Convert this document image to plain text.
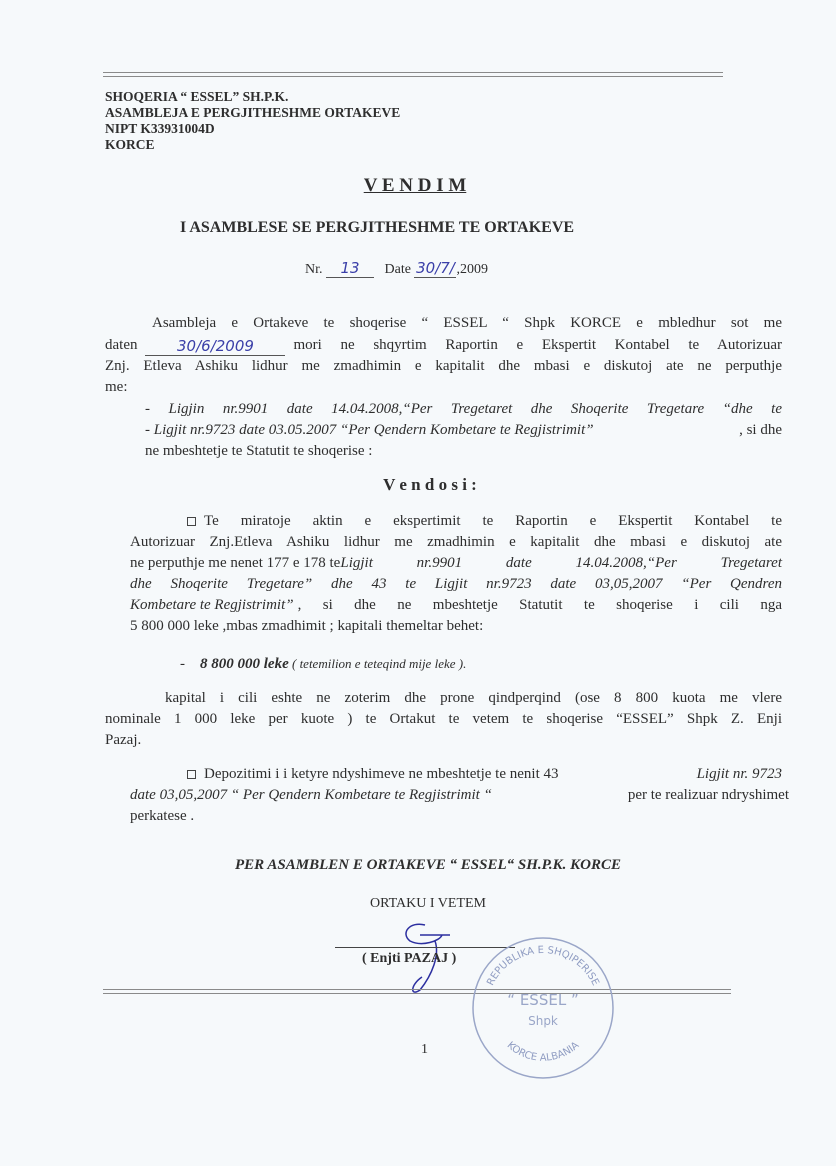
SHOQERIA “ ESSEL” SH.P.K.
ASAMBLEJA E PERGJITHESHME ORTAKEVE
NIPT K33931004D
KORCE
V E N D I M
I ASAMBLESE SE PERGJITHESHME TE ORTAKEVE
Nr. 13 Date 30/7/ ,2009
Asambleja e Ortakeve te shoqerise “ ESSEL “ Shpk KORCE e mbledhur sot me
daten	30/6/2009	mori ne shqyrtim Raportin e Ekspertit Kontabel te Autorizuar
Znj. Etleva Ashiku lidhur me zmadhimin e kapitalit dhe mbasi e diskutoj ate ne perputhje
me:
- Ligjin nr.9901 date 14.04.2008,“Per Tregetaret dhe Shoqerite Tregetare “dhe te
- Ligjit nr.9723 date 03.05.2007 “Per Qendern Kombetare te Regjistrimit”	, si dhe
ne mbeshtetje te Statutit te shoqerise :
V e n d o s i :
Te miratoje aktin e ekspertimit te Raportin e Ekspertit Kontabel te
Autorizuar Znj.Etleva Ashiku lidhur me zmadhimin e kapitalit dhe mbasi e diskutoj ate
ne perputhje me nenet 177 e 178 te Ligjit nr.9901 date 14.04.2008,“Per Tregetaret
dhe Shoqerite Tregetare” dhe 43 te Ligjit nr.9723 date 03,05,2007 “Per Qendren
Kombetare te Regjistrimit” , si dhe ne mbeshtetje Statutit te shoqerise i cili nga
5 800 000 leke ,mbas zmadhimit ; kapitali themeltar behet:
- 8 800 000 leke ( tetemilion e teteqind mije leke ).
kapital i cili eshte ne zoterim dhe prone qindperqind (ose 8 800 kuota me vlere
nominale 1 000 leke per kuote ) te Ortakut te vetem te shoqerise “ESSEL” Shpk Z. Enji
Pazaj.
Depozitimi i i ketyre ndyshimeve ne mbeshtetje te nenit 43	Ligjit nr. 9723
date 03,05,2007 “ Per Qendern Kombetare te Regjistrimit “	per te realizuar ndryshimet
perkatese .
PER ASAMBLEN E ORTAKEVE “ ESSEL“ SH.P.K. KORCE
ORTAKU I VETEM
( Enjti PAZAJ )
REPUBLIKA E SHQIPERISE
“ ESSEL ”
Shpk
KORCE ALBANIA
1
